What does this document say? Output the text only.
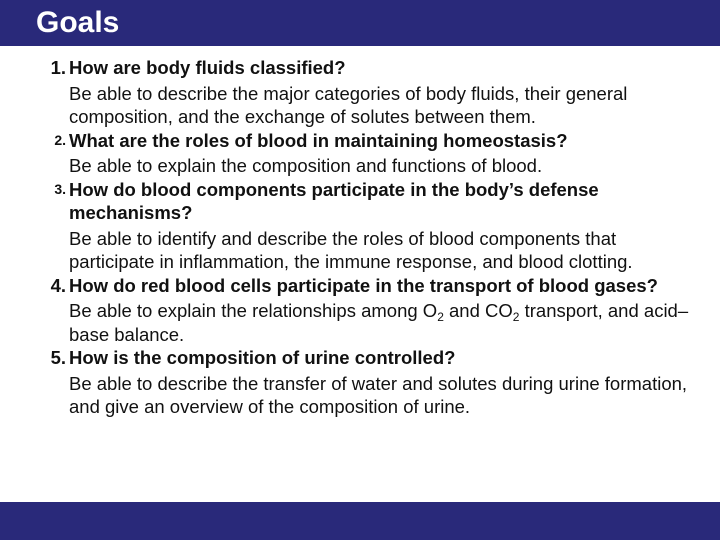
Goals
1. How are body fluids classified?
Be able to describe the major categories of body fluids, their general composition, and the exchange of solutes between them.
2. What are the roles of blood in maintaining homeostasis?
Be able to explain the composition and functions of blood.
3. How do blood components participate in the body’s defense mechanisms?
Be able to identify and describe the roles of blood components that participate in inflammation, the immune response, and blood clotting.
4. How do red blood cells participate in the transport of blood gases?
Be able to explain the relationships among $O_2$ and $CO_2$ transport, and acid–base balance.
5. How is the composition of urine controlled?
Be able to describe the transfer of water and solutes during urine formation, and give an overview of the composition of urine.
